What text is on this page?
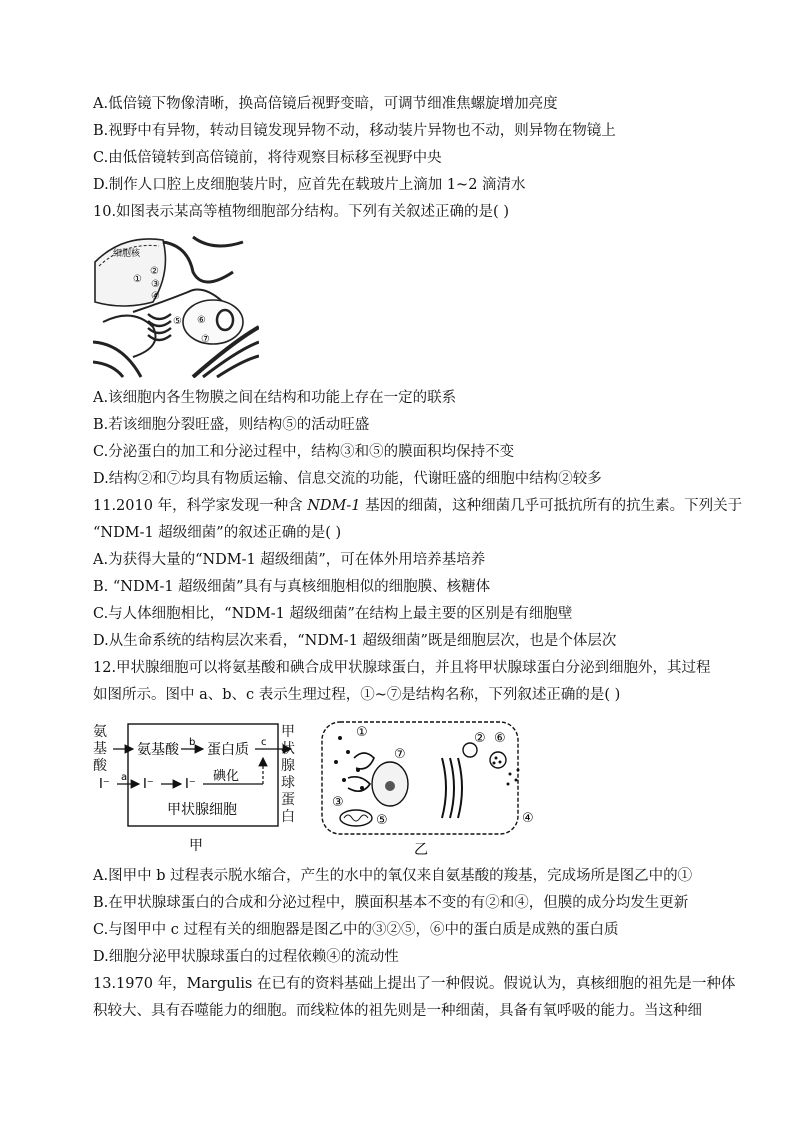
A.低倍镜下物像清晰，换高倍镜后视野变暗，可调节细准焦螺旋增加亮度
B.视野中有异物，转动目镜发现异物不动，移动装片异物也不动，则异物在物镜上
C.由低倍镜转到高倍镜前，将待观察目标移至视野中央
D.制作人口腔上皮细胞装片时，应首先在载玻片上滴加 1~2 滴清水
10.如图表示某高等植物细胞部分结构。下列有关叙述正确的是( )
细胞核
①
②
③
④
⑤ ⑥
⑦
A.该细胞内各生物膜之间在结构和功能上存在一定的联系
B.若该细胞分裂旺盛，则结构⑤的活动旺盛
C.分泌蛋白的加工和分泌过程中，结构③和⑤的膜面积均保持不变
D.结构②和⑦均具有物质运输、信息交流的功能，代谢旺盛的细胞中结构②较多
11.2010 年，科学家发现一种含 NDM-1 基因的细菌，这种细菌几乎可抵抗所有的抗生素。下列关于
“NDM-1 超级细菌”的叙述正确的是( )
A.为获得大量的“NDM-1 超级细菌”，可在体外用培养基培养
B. “NDM-1 超级细菌”具有与真核细胞相似的细胞膜、核糖体
C.与人体细胞相比，“NDM-1 超级细菌”在结构上最主要的区别是有细胞壁
D.从生命系统的结构层次来看，“NDM-1 超级细菌”既是细胞层次，也是个体层次
12.甲状腺细胞可以将氨基酸和碘合成甲状腺球蛋白，并且将甲状腺球蛋白分泌到细胞外，其过程
如图所示。图中 a、b、c 表示生理过程，①~⑦是结构名称，下列叙述正确的是( )
氨基酸 蛋白质
b	c
I⁻ a I⁻ I⁻
碘化
甲状腺细胞
甲
氨基酸
甲状腺球蛋白
①	②
③
④
⑤
⑥
⑦
乙
A.图甲中 b 过程表示脱水缩合，产生的水中的氧仅来自氨基酸的羧基，完成场所是图乙中的①
B.在甲状腺球蛋白的合成和分泌过程中，膜面积基本不变的有②和④，但膜的成分均发生更新
C.与图甲中 c 过程有关的细胞器是图乙中的③②⑤，⑥中的蛋白质是成熟的蛋白质
D.细胞分泌甲状腺球蛋白的过程依赖④的流动性
13.1970 年，Margulis 在已有的资料基础上提出了一种假说。假说认为，真核细胞的祖先是一种体
积较大、具有吞噬能力的细胞。而线粒体的祖先则是一种细菌，具备有氧呼吸的能力。当这种细
